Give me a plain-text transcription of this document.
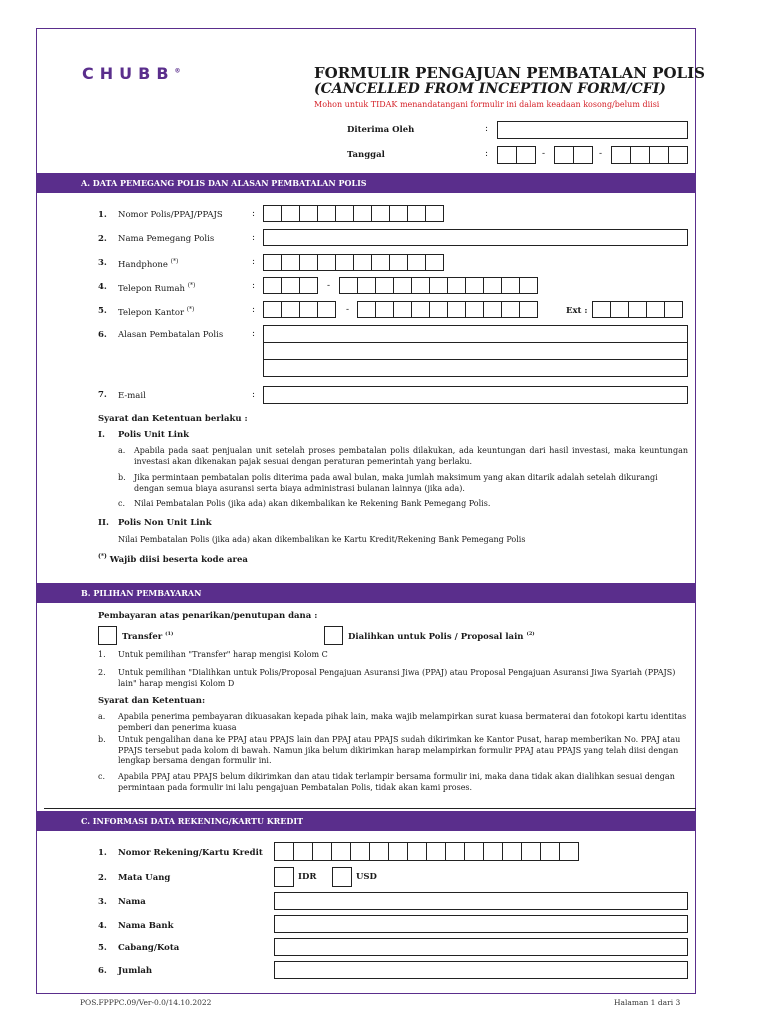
CHUBB®	FORMULIR PENGAJUAN PEMBATALAN POLIS
(CANCELLED FROM INCEPTION FORM/CFI)
Mohon untuk TIDAK menandatangani formulir ini dalam keadaan kosong/belum diisi
Diterima Oleh	:
Tanggal	:	-	-
A. DATA PEMEGANG POLIS DAN ALASAN PEMBATALAN POLIS
1. Nomor Polis/PPAJ/PPAJS	:
2. Nama Pemegang Polis	:
3. Handphone (*)	:
4. Telepon Rumah (*)	:	-
5. Telepon Kantor (*)	:	-	Ext :
6. Alasan Pembatalan Polis	:
7. E-mail	:
Syarat dan Ketentuan berlaku :
I. Polis Unit Link
a. Apabila pada saat penjualan unit setelah proses pembatalan polis dilakukan, ada keuntungan dari hasil investasi, maka keuntungan investasi akan dikenakan pajak sesuai dengan peraturan pemerintah yang berlaku.
b. Jika permintaan pembatalan polis diterima pada awal bulan, maka jumlah maksimum yang akan ditarik adalah setelah dikurangi dengan semua biaya asuransi serta biaya administrasi bulanan lainnya (jika ada).
c. Nilai Pembatalan Polis (jika ada) akan dikembalikan ke Rekening Bank Pemegang Polis.
II. Polis Non Unit Link
Nilai Pembatalan Polis (jika ada) akan dikembalikan ke Kartu Kredit/Rekening Bank Pemegang Polis
(*) Wajib diisi beserta kode area
B. PILIHAN PEMBAYARAN
Pembayaran atas penarikan/penutupan dana :
Transfer $^{(1)}$	Dialihkan untuk Polis / Proposal lain $^{(2)}$
1. Untuk pemilihan "Transfer" harap mengisi Kolom C
2. Untuk pemilihan "Dialihkan untuk Polis/Proposal Pengajuan Asuransi Jiwa (PPAJ) atau Proposal Pengajuan Asuransi Jiwa Syariah (PPAJS) lain" harap mengisi Kolom D
Syarat dan Ketentuan:
a. Apabila penerima pembayaran dikuasakan kepada pihak lain, maka wajib melampirkan surat kuasa bermaterai dan fotokopi kartu identitas pemberi dan penerima kuasa
b. Untuk pengalihan dana ke PPAJ atau PPAJS lain dan PPAJ atau PPAJS sudah dikirimkan ke Kantor Pusat, harap memberikan No. PPAJ atau PPAJS tersebut pada kolom di bawah. Namun jika belum dikirimkan harap melampirkan formulir PPAJ atau PPAJS yang telah diisi dengan lengkap bersama dengan formulir ini.
c. Apabila PPAJ atau PPAJS belum dikirimkan dan atau tidak terlampir bersama formulir ini, maka dana tidak akan dialihkan sesuai dengan permintaan pada formulir ini lalu pengajuan Pembatalan Polis, tidak akan kami proses.
C. INFORMASI DATA REKENING/KARTU KREDIT
1. Nomor Rekening/Kartu Kredit
2. Mata Uang	IDR	USD
3. Nama
4. Nama Bank
5. Cabang/Kota
6. Jumlah
POS.FPPPC.09/Ver-0.0/14.10.2022	Halaman 1 dari 3
